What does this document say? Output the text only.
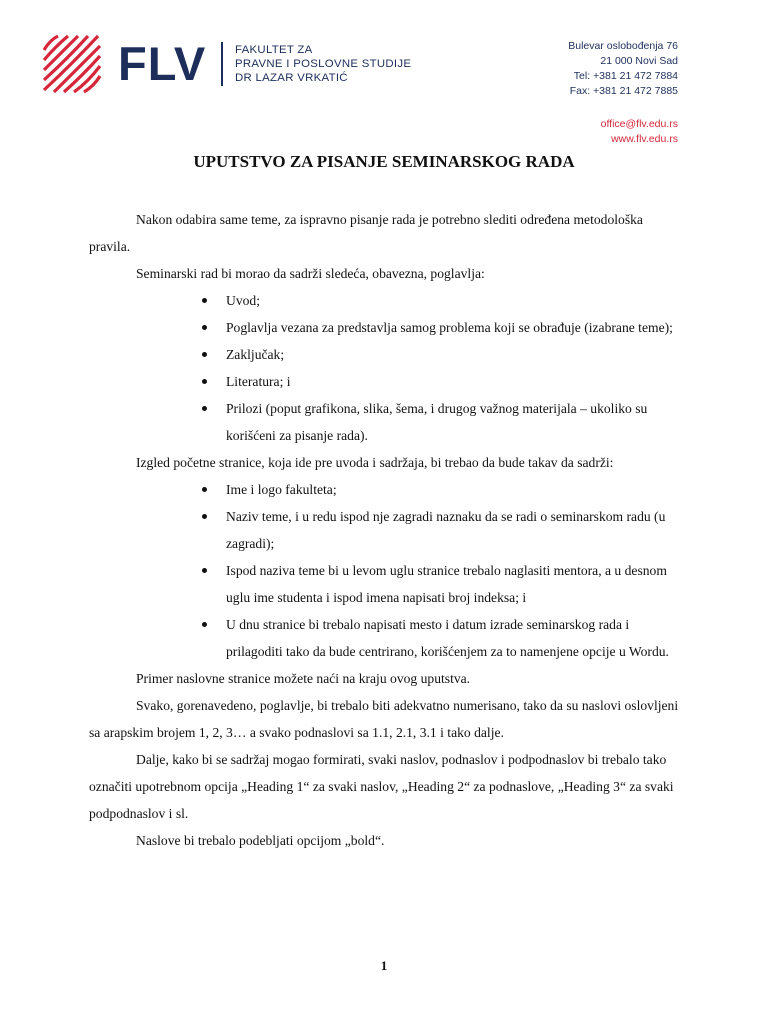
FLV	FAKULTET ZA
PRAVNE I POSLOVNE STUDIJE
DR LAZAR VRKATIĆ
Bulevar oslobođenja 76
21 000 Novi Sad
Tel: +381 21 472 7884
Fax: +381 21 472 7885
office@flv.edu.rs
www.flv.edu.rs
UPUTSTVO ZA PISANJE SEMINARSKOG RADA

Nakon odabira same teme, za ispravno pisanje rada je potrebno slediti određena metodološka pravila.

Seminarski rad bi morao da sadrži sledeća, obavezna, poglavlja:

Uvod;
Poglavlja vezana za predstavlja samog problema koji se obrađuje (izabrane teme);
Zaključak;
Literatura; i
Prilozi (poput grafikona, slika, šema, i drugog važnog materijala – ukoliko su korišćeni za pisanje rada).

Izgled početne stranice, koja ide pre uvoda i sadržaja, bi trebao da bude takav da sadrži:

Ime i logo fakulteta;
Naziv teme, i u redu ispod nje zagradi naznaku da se radi o seminarskom radu (u zagradi);
Ispod naziva teme bi u levom uglu stranice trebalo naglasiti mentora, a u desnom uglu ime studenta i ispod imena napisati broj indeksa; i
U dnu stranice bi trebalo napisati mesto i datum izrade seminarskog rada i prilagoditi tako da bude centrirano, korišćenjem za to namenjene opcije u Wordu.

Primer naslovne stranice možete naći na kraju ovog uputstva.

Svako, gorenavedeno, poglavlje, bi trebalo biti adekvatno numerisano, tako da su naslovi oslovljeni sa arapskim brojem 1, 2, 3… a svako podnaslovi sa 1.1, 2.1, 3.1 i tako dalje.

Dalje, kako bi se sadržaj mogao formirati, svaki naslov, podnaslov i podpodnaslov bi trebalo tako označiti upotrebnom opcija „Heading 1“ za svaki naslov, „Heading 2“ za podnaslove, „Heading 3“ za svaki podpodnaslov i sl.

Naslove bi trebalo podebljati opcijom „bold“.

1
